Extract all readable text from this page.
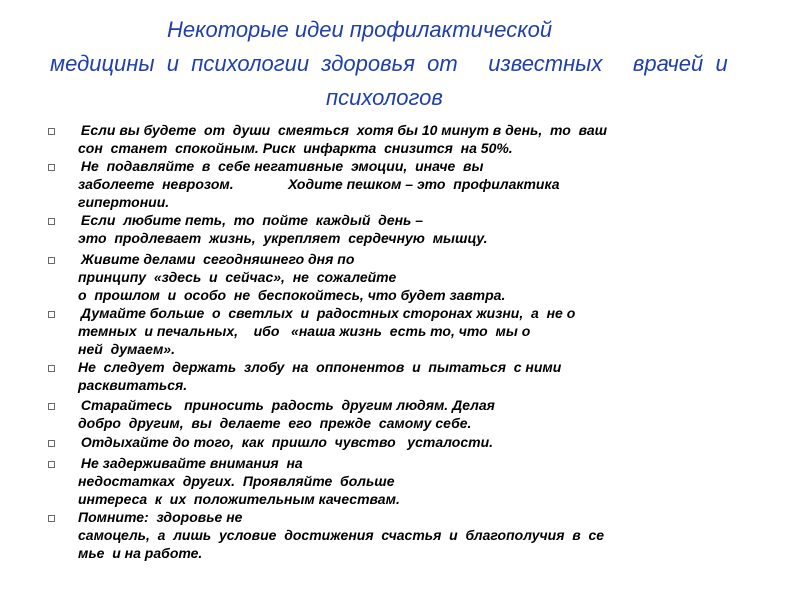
Некоторые идеи профилактической
медицины  и  психологии  здоровья  от     известных     врачей  и
психологов
Если вы будете  от  души  смеяться  хотя бы 10 минут в день,  то  ваш
сон  станет  спокойным. Риск  инфаркта  снизится  на 50%.
Не  подавляйте  в  себе негативные  эмоции,  иначе  вы
заболеете  неврозом.              Ходите пешком – это  профилактика
гипертонии.
Если  любите петь,  то  пойте  каждый  день –
это  продлевает  жизнь,  укрепляет  сердечную  мышцу.
Живите делами  сегодняшнего дня по
принципу  «здесь  и  сейчас»,  не  сожалейте
о  прошлом  и  особо  не  беспокойтесь, что будет завтра.
Думайте больше  о  светлых  и  радостных сторонах жизни,  а  не о
темных  и печальных,    ибо   «наша жизнь  есть то, что  мы о
ней  думаем».
Не  следует  держать  злобу  на  оппонентов  и  пытаться  с ними
расквитаться.
Старайтесь   приносить  радость  другим людям. Делая
добро  другим,  вы  делаете  его  прежде  самому себе.
Отдыхайте до того,  как  пришло  чувство   усталости.
Не задерживайте внимания  на
недостатках  других.  Проявляйте  больше
интереса  к  их  положительным качествам.
Помните:  здоровье не
самоцель,  а  лишь  условие  достижения  счастья  и  благополучия  в  се
мье  и на работе.
